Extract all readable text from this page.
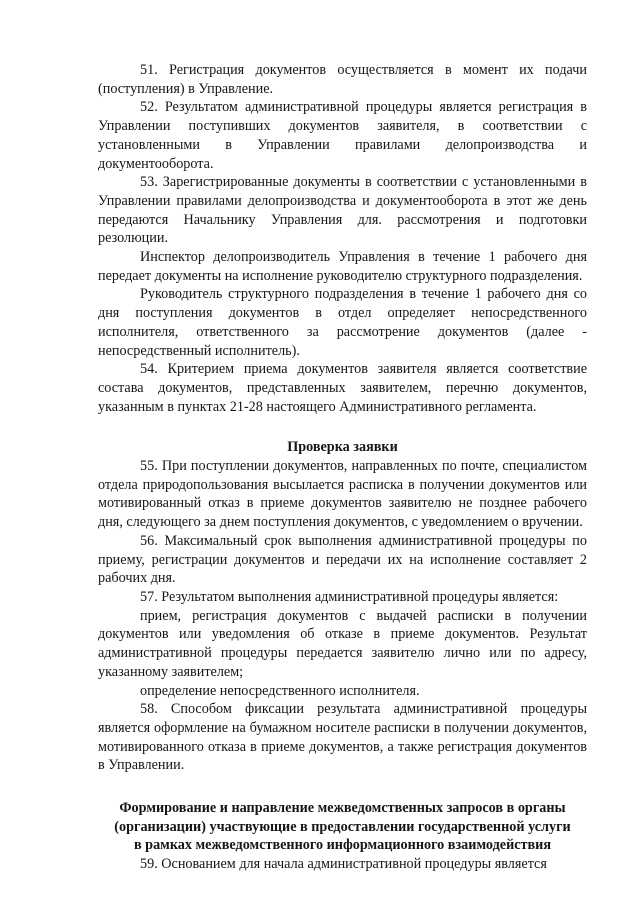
51. Регистрация документов осуществляется в момент их подачи (поступления) в Управление.

52. Результатом административной процедуры является регистрация в Управлении поступивших документов заявителя, в соответствии с установленными в Управлении правилами делопроизводства и документооборота.

53. Зарегистрированные документы в соответствии с установленными в Управлении правилами делопроизводства и документооборота в этот же день передаются Начальнику Управления для. рассмотрения и подготовки резолюции.

Инспектор делопроизводитель Управления в течение 1 рабочего дня передает документы на исполнение руководителю структурного подразделения.

Руководитель структурного подразделения в течение 1 рабочего дня со дня поступления документов в отдел определяет непосредственного исполнителя, ответственного за рассмотрение документов (далее - непосредственный исполнитель).

54. Критерием приема документов заявителя является соответствие состава документов, представленных заявителем, перечню документов, указанным в пунктах 21-28 настоящего Административного регламента.

Проверка заявки

55. При поступлении документов, направленных по почте, специалистом отдела природопользования высылается расписка в получении документов или мотивированный отказ в приеме документов заявителю не позднее рабочего дня, следующего за днем поступления документов, с уведомлением о вручении.

56. Максимальный срок выполнения административной процедуры по приему, регистрации документов и передачи их на исполнение составляет 2 рабочих дня.

57. Результатом выполнения административной процедуры является:

прием, регистрация документов с выдачей расписки в получении документов или уведомления об отказе в приеме документов. Результат административной процедуры передается заявителю лично или по адресу, указанному заявителем;

определение непосредственного исполнителя.

58. Способом фиксации результата административной процедуры является оформление на бумажном носителе расписки в получении документов, мотивированного отказа в приеме документов, а также регистрация документов в Управлении.

Формирование и направление межведомственных запросов в органы

(организации) участвующие в предоставлении государственной услуги

в рамках межведомственного информационного взаимодействия

59. Основанием для начала административной процедуры является
